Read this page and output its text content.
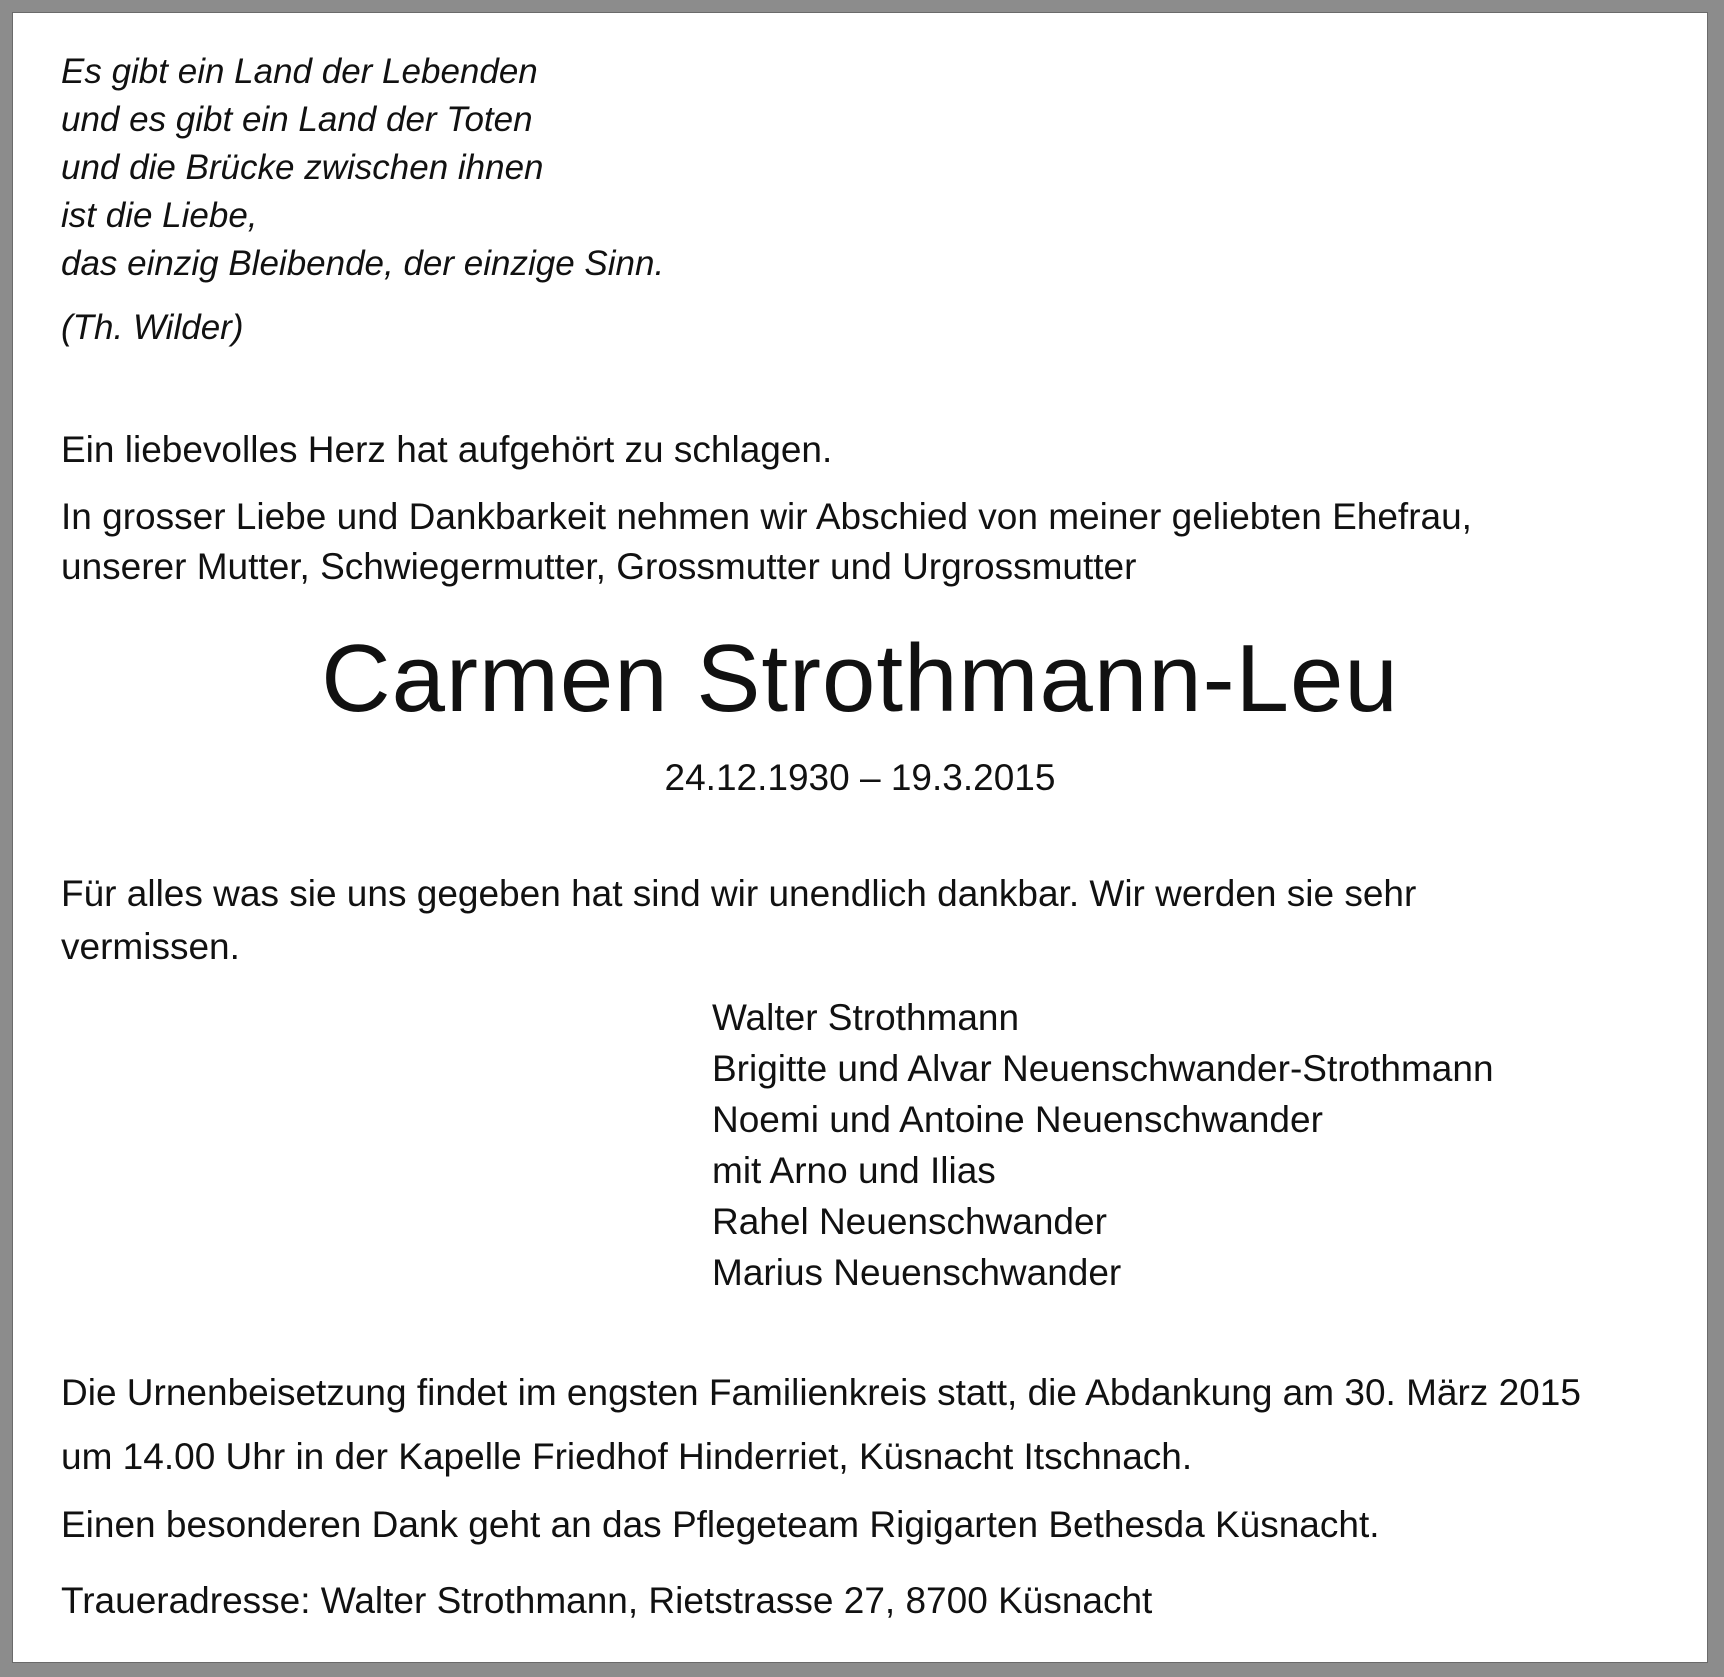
Es gibt ein Land der Lebenden
und es gibt ein Land der Toten
und die Brücke zwischen ihnen
ist die Liebe,
das einzig Bleibende, der einzige Sinn.
(Th. Wilder)
Ein liebevolles Herz hat aufgehört zu schlagen.
In grosser Liebe und Dankbarkeit nehmen wir Abschied von meiner geliebten Ehefrau,
unserer Mutter, Schwiegermutter, Grossmutter und Urgrossmutter
Carmen Strothmann-Leu
24.12.1930 – 19.3.2015
Für alles was sie uns gegeben hat sind wir unendlich dankbar. Wir werden sie sehr
vermissen.
Walter Strothmann
Brigitte und Alvar Neuenschwander-Strothmann
Noemi und Antoine Neuenschwander
mit Arno und Ilias
Rahel Neuenschwander
Marius Neuenschwander
Die Urnenbeisetzung findet im engsten Familienkreis statt, die Abdankung am 30. März 2015
um 14.00 Uhr in der Kapelle Friedhof Hinderriet, Küsnacht Itschnach.
Einen besonderen Dank geht an das Pflegeteam Rigigarten Bethesda Küsnacht.
Traueradresse: Walter Strothmann, Rietstrasse 27, 8700 Küsnacht
